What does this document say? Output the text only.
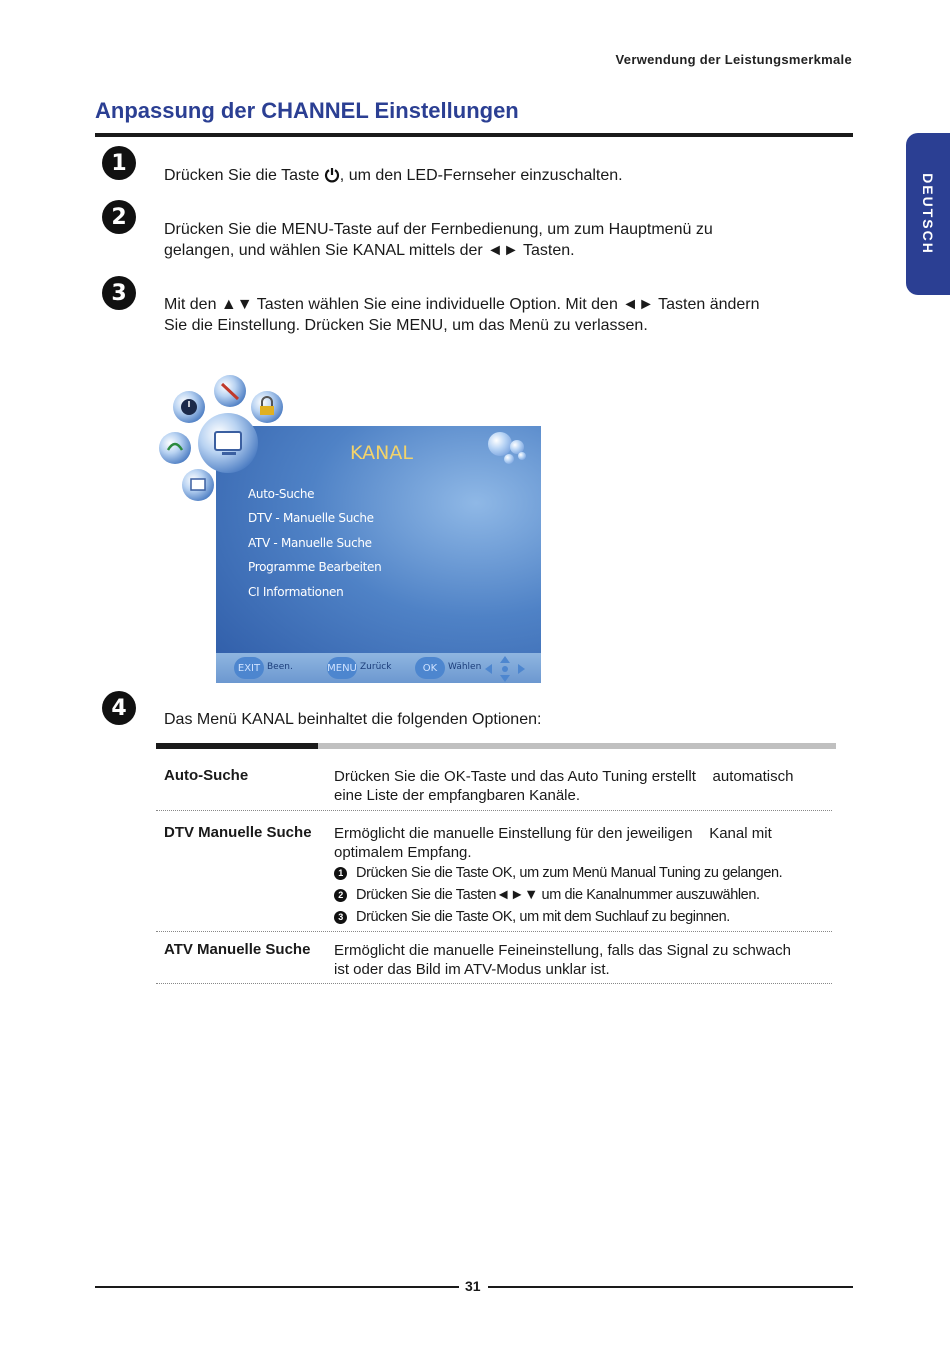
Verwendung der Leistungsmerkmale
Anpassung der CHANNEL Einstellungen
DEUTSCH
1	Drücken Sie die Taste , um den LED-Fernseher einzuschalten.
2	Drücken Sie die MENU-Taste auf der Fernbedienung, um zum Hauptmenü zu
gelangen, und wählen Sie KANAL mittels der ◄► Tasten.
3	Mit den ▲▼ Tasten wählen Sie eine individuelle Option. Mit den ◄► Tasten ändern
Sie die Einstellung. Drücken Sie MENU, um das Menü zu verlassen.
KANAL
Auto-Suche
DTV - Manuelle Suche
ATV - Manuelle Suche
Programme Bearbeiten
CI Informationen
EXIT Been.	MENU Zurück	OK	Wählen
4	Das Menü KANAL beinhaltet die folgenden Optionen:
Auto-Suche	Drücken Sie die OK-Taste und das Auto Tuning erstellt    automatisch
eine Liste der empfangbaren Kanäle.
DTV Manuelle Suche Ermöglicht die manuelle Einstellung für den jeweiligen    Kanal mit
optimalem Empfang.
1 Drücken Sie die Taste OK, um zum Menü Manual Tuning zu gelangen.
2 Drücken Sie die Tasten◄►▼ um die Kanalnummer auszuwählen.
3 Drücken Sie die Taste OK, um mit dem Suchlauf zu beginnen.
ATV Manuelle Suche Ermöglicht die manuelle Feineinstellung, falls das Signal zu schwach
ist oder das Bild im ATV-Modus unklar ist.
31
